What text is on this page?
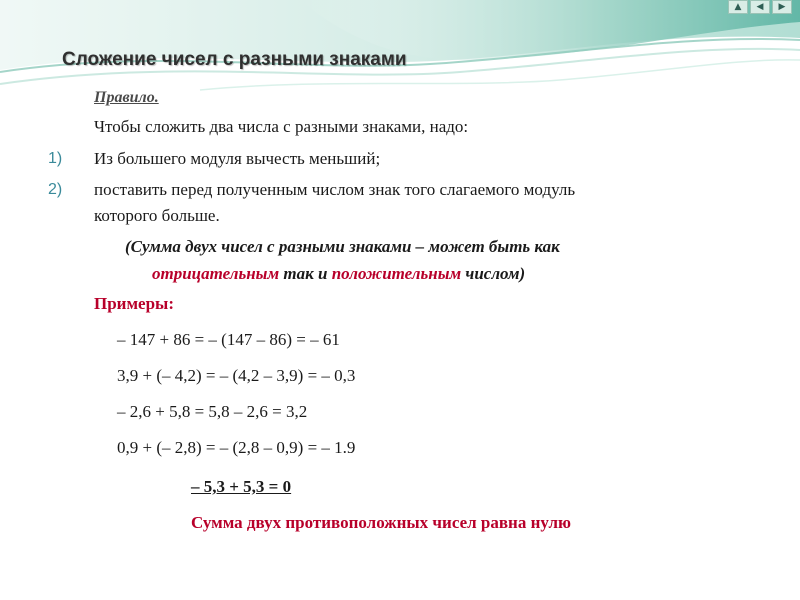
▲	◀	▶
Сложение чисел с разными знаками
Правило.
Чтобы сложить два числа с разными знаками, надо:
1) Из большего модуля вычесть меньший;
2) поставить перед полученным числом знак того слагаемого модуль
которого больше.
(Сумма двух чисел с разными знаками – может быть как
отрицательным так и положительным числом)
Примеры:
– 147 + 86 = – (147 – 86) = – 61
3,9 + (– 4,2) = – (4,2 – 3,9) = – 0,3
– 2,6 + 5,8 = 5,8 – 2,6 = 3,2
0,9 + (– 2,8) = – (2,8 – 0,9) = – 1.9
– 5,3 + 5,3 = 0
Сумма двух противоположных чисел равна нулю
